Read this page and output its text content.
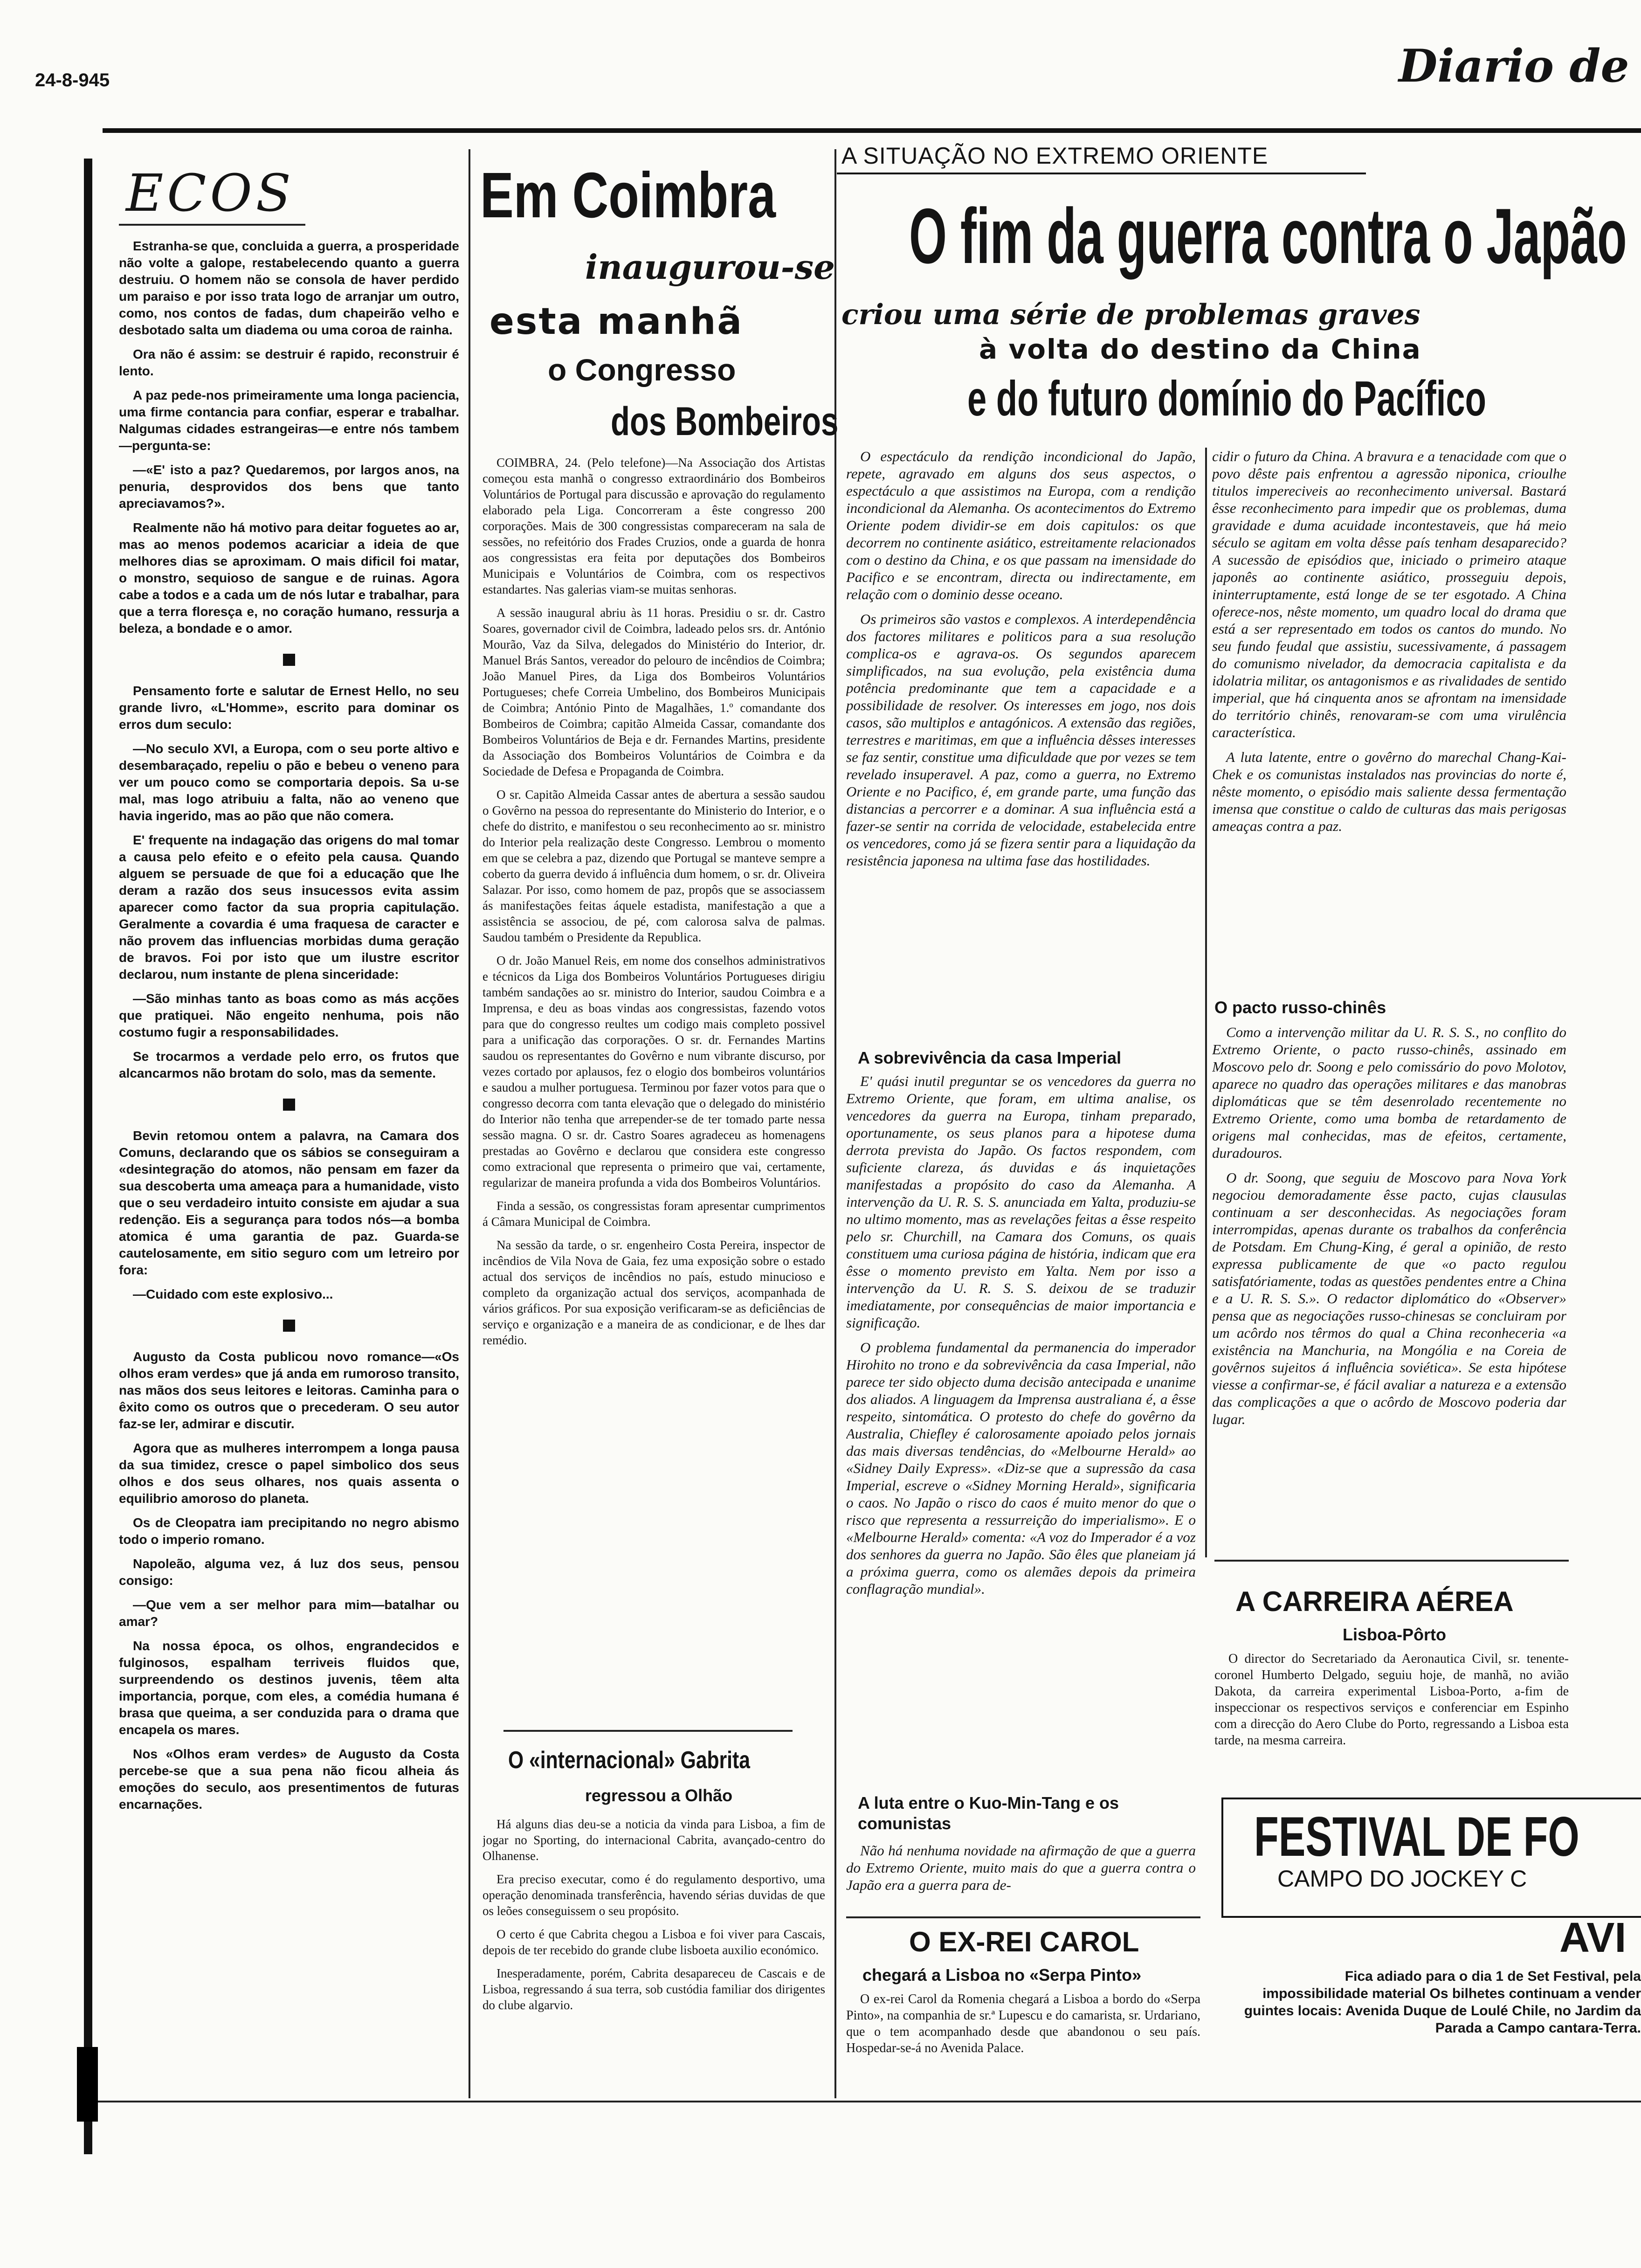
24-8-945	Diario de
ECOS

Estranha-se que, concluida a guerra, a prosperidade não volte a galope, restabelecendo quanto a guerra destruiu. O homem não se consola de haver perdido um paraiso e por isso trata logo de arranjar um outro, como, nos contos de fadas, dum chapeirão velho e desbotado salta um diadema ou uma coroa de rainha.

Ora não é assim: se destruir é rapido, reconstruir é lento.

A paz pede-nos primeiramente uma longa paciencia, uma firme contancia para confiar, esperar e trabalhar. Nalgumas cidades estrangeiras—e entre nós tambem—pergunta-se:

—«E' isto a paz? Quedaremos, por largos anos, na penuria, desprovidos dos bens que tanto apreciavamos?».

Realmente não há motivo para deitar foguetes ao ar, mas ao menos podemos acariciar a ideia de que melhores dias se aproximam. O mais dificil foi matar, o monstro, sequioso de sangue e de ruinas. Agora cabe a todos e a cada um de nós lutar e trabalhar, para que a terra floresça e, no coração humano, ressurja a beleza, a bondade e o amor.

Pensamento forte e salutar de Ernest Hello, no seu grande livro, «L'Homme», escrito para dominar os erros dum seculo:

—No seculo XVI, a Europa, com o seu porte altivo e desembaraçado, repeliu o pão e bebeu o veneno para ver um pouco como se comportaria depois. Sa u-se mal, mas logo atribuiu a falta, não ao veneno que havia ingerido, mas ao pão que não comera.

E' frequente na indagação das origens do mal tomar a causa pelo efeito e o efeito pela causa. Quando alguem se persuade de que foi a educação que lhe deram a razão dos seus insucessos evita assim aparecer como factor da sua propria capitulação. Geralmente a covardia é uma fraquesa de caracter e não provem das influencias morbidas duma geração de bravos. Foi por isto que um ilustre escritor declarou, num instante de plena sinceridade:

—São minhas tanto as boas como as más acções que pratiquei. Não engeito nenhuma, pois não costumo fugir a responsabilidades.

Se trocarmos a verdade pelo erro, os frutos que alcancarmos não brotam do solo, mas da semente.

Bevin retomou ontem a palavra, na Camara dos Comuns, declarando que os sábios se conseguiram a «desintegração do atomos, não pensam em fazer da sua descoberta uma ameaça para a humanidade, visto que o seu verdadeiro intuito consiste em ajudar a sua redenção. Eis a segurança para todos nós—a bomba atomica é uma garantia de paz. Guarda-se cautelosamente, em sitio seguro com um letreiro por fora:

—Cuidado com este explosivo...

Augusto da Costa publicou novo romance—«Os olhos eram verdes» que já anda em rumoroso transito, nas mãos dos seus leitores e leitoras. Caminha para o êxito como os outros que o precederam. O seu autor faz-se ler, admirar e discutir.

Agora que as mulheres interrompem a longa pausa da sua timidez, cresce o papel simbolico dos seus olhos e dos seus olhares, nos quais assenta o equilibrio amoroso do planeta.

Os de Cleopatra iam precipitando no negro abismo todo o imperio romano.

Napoleão, alguma vez, á luz dos seus, pensou consigo:

—Que vem a ser melhor para mim—batalhar ou amar?

Na nossa época, os olhos, engrandecidos e fulginosos, espalham terriveis fluidos que, surpreendendo os destinos juvenis, têem alta importancia, porque, com eles, a comédia humana é brasa que queima, a ser conduzida para o drama que encapela os mares.

Nos «Olhos eram verdes» de Augusto da Costa percebe-se que a sua pena não ficou alheia ás emoções do seculo, aos presentimentos de futuras encarnações.

Em Coimbra
inaugurou-se
esta manhã
o Congresso
dos Bombeiros

COIMBRA, 24. (Pelo telefone)—Na Associação dos Artistas começou esta manhã o congresso extraordinário dos Bombeiros Voluntários de Portugal para discussão e aprovação do regulamento elaborado pela Liga. Concorreram a êste congresso 200 corporações. Mais de 300 congressistas compareceram na sala de sessões, no refeitório dos Frades Cruzios, onde a guarda de honra aos congressistas era feita por deputações dos Bombeiros Municipais e Voluntários de Coimbra, com os respectivos estandartes. Nas galerias viam-se muitas senhoras.

A sessão inaugural abriu às 11 horas. Presidiu o sr. dr. Castro Soares, governador civil de Coimbra, ladeado pelos srs. dr. António Mourão, Vaz da Silva, delegados do Ministério do Interior, dr. Manuel Brás Santos, vereador do pelouro de incêndios de Coimbra; João Manuel Pires, da Liga dos Bombeiros Voluntários Portugueses; chefe Correia Umbelino, dos Bombeiros Municipais de Coimbra; António Pinto de Magalhães, 1.º comandante dos Bombeiros de Coimbra; capitão Almeida Cassar, comandante dos Bombeiros Voluntários de Beja e dr. Fernandes Martins, presidente da Associação dos Bombeiros Voluntários de Coimbra e da Sociedade de Defesa e Propaganda de Coimbra.

O sr. Capitão Almeida Cassar antes de abertura a sessão saudou o Govêrno na pessoa do representante do Ministerio do Interior, e o chefe do distrito, e manifestou o seu reconhecimento ao sr. ministro do Interior pela realização deste Congresso. Lembrou o momento em que se celebra a paz, dizendo que Portugal se manteve sempre a coberto da guerra devido á influência dum homem, o sr. dr. Oliveira Salazar. Por isso, como homem de paz, propôs que se associassem ás manifestações feitas áquele estadista, manifestação a que a assistência se associou, de pé, com calorosa salva de palmas. Saudou também o Presidente da Republica.

O dr. João Manuel Reis, em nome dos conselhos administrativos e técnicos da Liga dos Bombeiros Voluntários Portugueses dirigiu também sandações ao sr. ministro do Interior, saudou Coimbra e a Imprensa, e deu as boas vindas aos congressistas, fazendo votos para que do congresso reultes um codigo mais completo possivel para a unificação das corporações. O sr. dr. Fernandes Martins saudou os representantes do Govêrno e num vibrante discurso, por vezes cortado por aplausos, fez o elogio dos bombeiros voluntários e saudou a mulher portuguesa. Terminou por fazer votos para que o congresso decorra com tanta elevação que o delegado do ministério do Interior não tenha que arrepender-se de ter tomado parte nessa sessão magna. O sr. dr. Castro Soares agradeceu as homenagens prestadas ao Govêrno e declarou que considera este congresso como extracional que representa o primeiro que vai, certamente, regularizar de maneira profunda a vida dos Bombeiros Voluntários.

Finda a sessão, os congressistas foram apresentar cumprimentos á Câmara Municipal de Coimbra.

Na sessão da tarde, o sr. engenheiro Costa Pereira, inspector de incêndios de Vila Nova de Gaia, fez uma exposição sobre o estado actual dos serviços de incêndios no país, estudo minucioso e completo da organização actual dos serviços, acompanhada de vários gráficos. Por sua exposição verificaram-se as deficiências de serviço e organização e a maneira de as condicionar, e de lhes dar remédio.

O «internacional» Gabrita
regressou a Olhão

Há alguns dias deu-se a noticia da vinda para Lisboa, a fim de jogar no Sporting, do internacional Cabrita, avançado-centro do Olhanense.

Era preciso executar, como é do regulamento desportivo, uma operação denominada transferência, havendo sérias duvidas de que os leões conseguissem o seu propósito.

O certo é que Cabrita chegou a Lisboa e foi viver para Cascais, depois de ter recebido do grande clube lisboeta auxilio económico.

Inesperadamente, porém, Cabrita desapareceu de Cascais e de Lisboa, regressando á sua terra, sob custódia familiar dos dirigentes do clube algarvio.

A SITUAÇÃO NO EXTREMO ORIENTE
O fim da guerra contra o Japão
criou uma série de problemas graves
à volta do destino da China
e do futuro domínio do Pacífico

O espectáculo da rendição incondicional do Japão, repete, agravado em alguns dos seus aspectos, o espectáculo a que assistimos na Europa, com a rendição incondicional da Alemanha. Os acontecimentos do Extremo Oriente podem dividir-se em dois capitulos: os que decorrem no continente asiático, estreitamente relacionados com o destino da China, e os que passam na imensidade do Pacifico e se encontram, directa ou indirectamente, em relação com o dominio desse oceano.

Os primeiros são vastos e complexos. A interdependência dos factores militares e politicos para a sua resolução complica-os e agrava-os. Os segundos aparecem simplificados, na sua evolução, pela existência duma potência predominante que tem a capacidade e a possibilidade de resolver. Os interesses em jogo, nos dois casos, são multiplos e antagónicos. A extensão das regiões, terrestres e maritimas, em que a influência dêsses interesses se faz sentir, constitue uma dificuldade que por vezes se tem revelado insuperavel. A paz, como a guerra, no Extremo Oriente e no Pacifico, é, em grande parte, uma função das distancias a percorrer e a dominar. A sua influência está a fazer-se sentir na corrida de velocidade, estabelecida entre os vencedores, como já se fizera sentir para a liquidação da resistência japonesa na ultima fase das hostilidades.

A sobrevivência da casa Imperial

E' quási inutil preguntar se os vencedores da guerra no Extremo Oriente, que foram, em ultima analise, os vencedores da guerra na Europa, tinham preparado, oportunamente, os seus planos para a hipotese duma derrota prevista do Japão. Os factos respondem, com suficiente clareza, ás duvidas e ás inquietações manifestadas a propósito do caso da Alemanha. A intervenção da U. R. S. S. anunciada em Yalta, produziu-se no ultimo momento, mas as revelações feitas a êsse respeito pelo sr. Churchill, na Camara dos Comuns, os quais constituem uma curiosa página de história, indicam que era êsse o momento previsto em Yalta. Nem por isso a intervenção da U. R. S. S. deixou de se traduzir imediatamente, por consequências de maior importancia e significação.

O problema fundamental da permanencia do imperador Hirohito no trono e da sobrevivência da casa Imperial, não parece ter sido objecto duma decisão antecipada e unanime dos aliados. A linguagem da Imprensa australiana é, a êsse respeito, sintomática. O protesto do chefe do govêrno da Australia, Chiefley é calorosamente apoiado pelos jornais das mais diversas tendências, do «Melbourne Herald» ao «Sidney Daily Express». «Diz-se que a supressão da casa Imperial, escreve o «Sidney Morning Herald», significaria o caos. No Japão o risco do caos é muito menor do que o risco que representa a ressurreição do imperialismo». E o «Melbourne Herald» comenta: «A voz do Imperador é a voz dos senhores da guerra no Japão. São êles que planeiam já a próxima guerra, como os alemães depois da primeira conflagração mundial».

A luta entre o Kuo-Min-Tang e os comunistas

Não há nenhuma novidade na afirmação de que a guerra do Extremo Oriente, muito mais do que a guerra contra o Japão era a guerra para de-

cidir o futuro da China. A bravura e a tenacidade com que o povo dêste pais enfrentou a agressão niponica, crioulhe titulos impereciveis ao reconhecimento universal. Bastará êsse reconhecimento para impedir que os problemas, duma gravidade e duma acuidade incontestaveis, que há meio século se agitam em volta dêsse país tenham desaparecido? A sucessão de episódios que, iniciado o primeiro ataque japonês ao continente asiático, prosseguiu depois, ininterruptamente, está longe de se ter esgotado. A China oferece-nos, nêste momento, um quadro local do drama que está a ser representado em todos os cantos do mundo. No seu fundo feudal que assistiu, sucessivamente, á passagem do comunismo nivelador, da democracia capitalista e da idolatria militar, os antagonismos e as rivalidades de sentido imperial, que há cinquenta anos se afrontam na imensidade do território chinês, renovaram-se com uma virulência característica.

A luta latente, entre o govêrno do marechal Chang-Kai-Chek e os comunistas instalados nas provincias do norte é, nêste momento, o episódio mais saliente dessa fermentação imensa que constitue o caldo de culturas das mais perigosas ameaças contra a paz.

O pacto russo-chinês

Como a intervenção militar da U. R. S. S., no conflito do Extremo Oriente, o pacto russo-chinês, assinado em Moscovo pelo dr. Soong e pelo comissário do povo Molotov, aparece no quadro das operações militares e das manobras diplomáticas que se têm desenrolado recentemente no Extremo Oriente, como uma bomba de retardamento de origens mal conhecidas, mas de efeitos, certamente, duradouros.

O dr. Soong, que seguiu de Moscovo para Nova York negociou demoradamente êsse pacto, cujas clausulas continuam a ser desconhecidas. As negociações foram interrompidas, apenas durante os trabalhos da conferência de Potsdam. Em Chung-King, é geral a opinião, de resto expressa publicamente de que «o pacto regulou satisfatóriamente, todas as questões pendentes entre a China e a U. R. S. S.». O redactor diplomático do «Observer» pensa que as negociações russo-chinesas se concluiram por um acôrdo nos têrmos do qual a China reconheceria «a existência na Manchuria, na Mongólia e na Coreia de govêrnos sujeitos á influência soviética». Se esta hipótese viesse a confirmar-se, é fácil avaliar a natureza e a extensão das complicações a que o acôrdo de Moscovo poderia dar lugar.

O EX-REI CAROL
chegará a Lisboa no «Serpa Pinto»

O ex-rei Carol da Romenia chegará a Lisboa a bordo do «Serpa Pinto», na companhia de sr.ª Lupescu e do camarista, sr. Urdariano, que o tem acompanhado desde que abandonou o seu país. Hospedar-se-á no Avenida Palace.

A CARREIRA AÉREA
Lisboa-Pôrto

O director do Secretariado da Aeronautica Civil, sr. tenente-coronel Humberto Delgado, seguiu hoje, de manhã, no avião Dakota, da carreira experimental Lisboa-Porto, a-fim de inspeccionar os respectivos serviços e conferenciar em Espinho com a direcção do Aero Clube do Porto, regressando a Lisboa esta tarde, na mesma carreira.

FESTIVAL DE FO
CAMPO DO JOCKEY C
AVI
Fica adiado para o dia 1 de Set Festival, pela impossibilidade material Os bilhetes continuam a vender guintes locais: Avenida Duque de Loulé Chile, no Jardim da Parada a Campo cantara-Terra.
